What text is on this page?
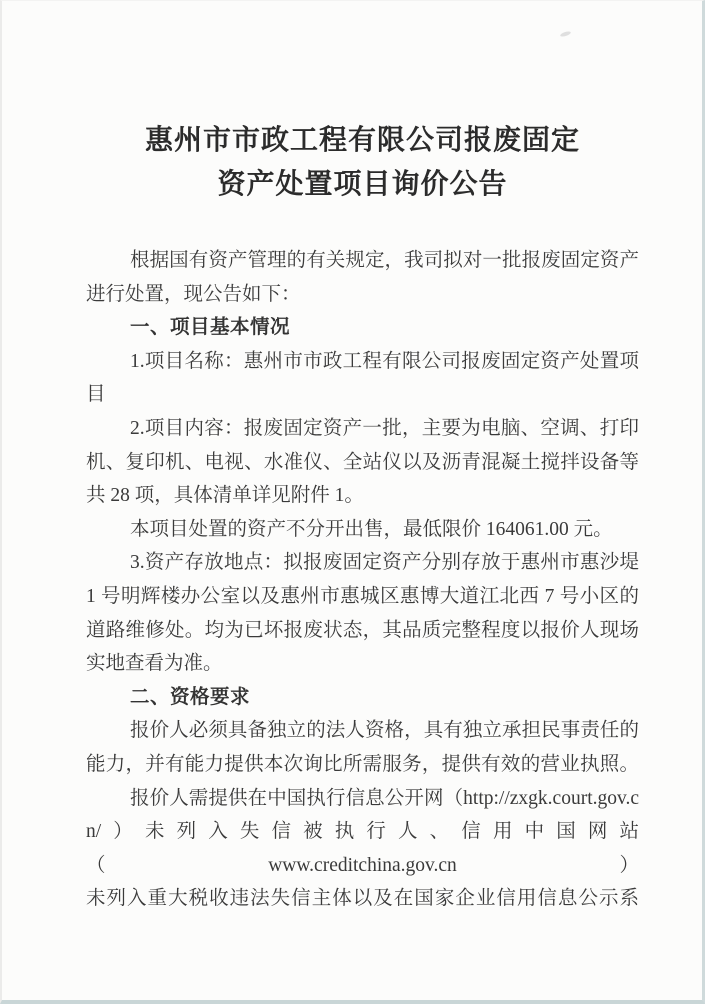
惠州市市政工程有限公司报废固定
资产处置项目询价公告
根据国有资产管理的有关规定，我司拟对一批报废固定资产
进行处置，现公告如下：
一、项目基本情况
1.项目名称：惠州市市政工程有限公司报废固定资产处置项
目
2.项目内容：报废固定资产一批，主要为电脑、空调、打印
机、复印机、电视、水准仪、全站仪以及沥青混凝土搅拌设备等
共 28 项，具体清单详见附件 1。
本项目处置的资产不分开出售，最低限价 164061.00 元。
3.资产存放地点：拟报废固定资产分别存放于惠州市惠沙堤
1 号明辉楼办公室以及惠州市惠城区惠博大道江北西 7 号小区的
道路维修处。均为已坏报废状态，其品质完整程度以报价人现场
实地查看为准。
二、资格要求
报价人必须具备独立的法人资格，具有独立承担民事责任的
能力，并有能力提供本次询比所需服务，提供有效的营业执照。
报价人需提供在中国执行信息公开网（http://zxgk.court.gov.c
n/）未列入失信被执行人、信用中国网站（www.creditchina.gov.cn）
未列入重大税收违法失信主体以及在国家企业信用信息公示系
